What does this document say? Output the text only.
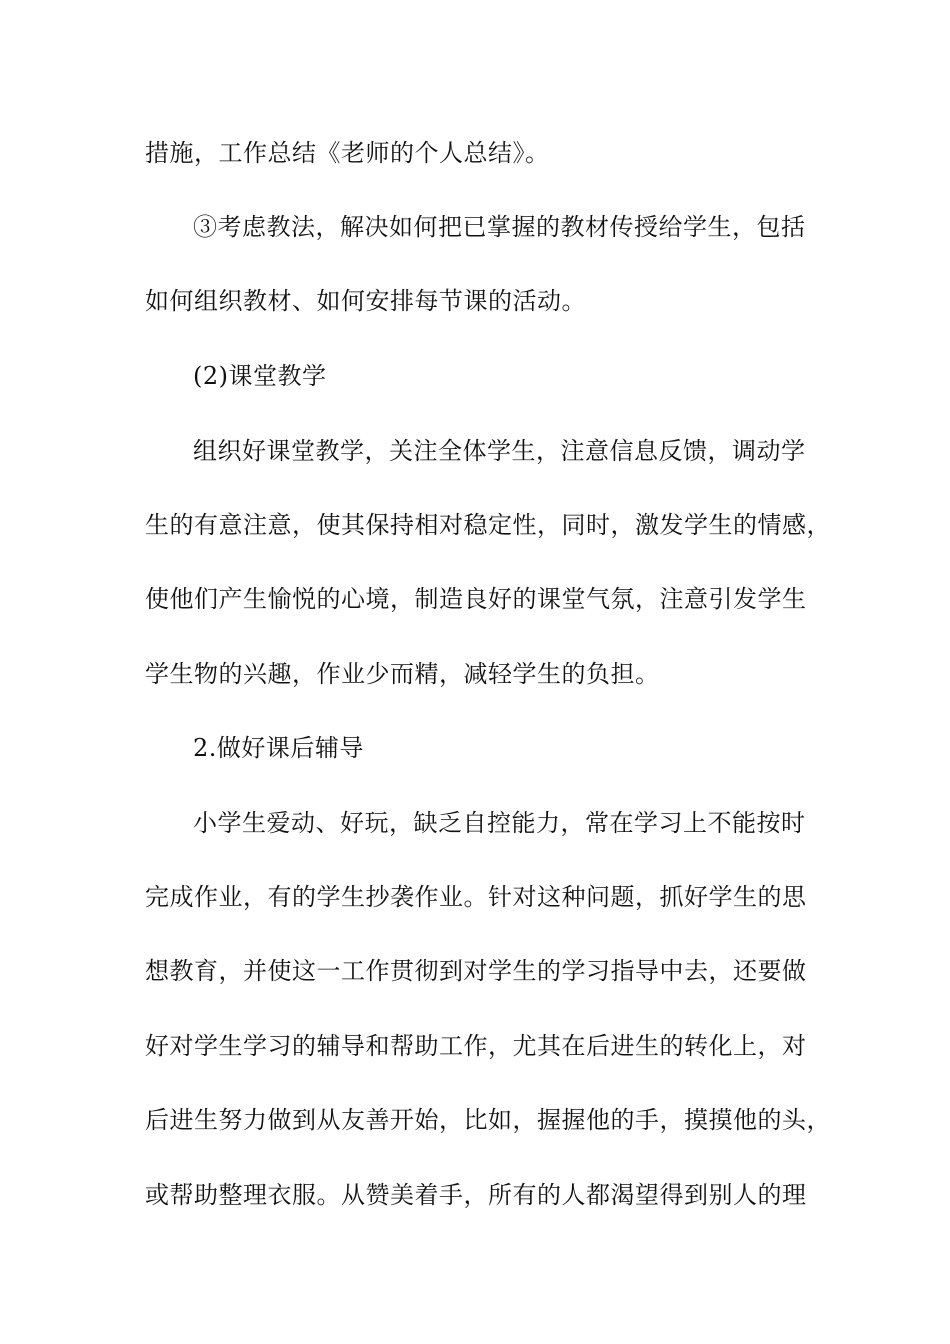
措施，工作总结《老师的个人总结》。
③考虑教法，解决如何把已掌握的教材传授给学生，包括
如何组织教材、如何安排每节课的活动。
(2)课堂教学
组织好课堂教学，关注全体学生，注意信息反馈，调动学
生的有意注意，使其保持相对稳定性，同时，激发学生的情感，
使他们产生愉悦的心境，制造良好的课堂气氛，注意引发学生
学生物的兴趣，作业少而精，减轻学生的负担。
2.做好课后辅导
小学生爱动、好玩，缺乏自控能力，常在学习上不能按时
完成作业，有的学生抄袭作业。针对这种问题，抓好学生的思
想教育，并使这一工作贯彻到对学生的学习指导中去，还要做
好对学生学习的辅导和帮助工作，尤其在后进生的转化上，对
后进生努力做到从友善开始，比如，握握他的手，摸摸他的头，
或帮助整理衣服。从赞美着手，所有的人都渴望得到别人的理
